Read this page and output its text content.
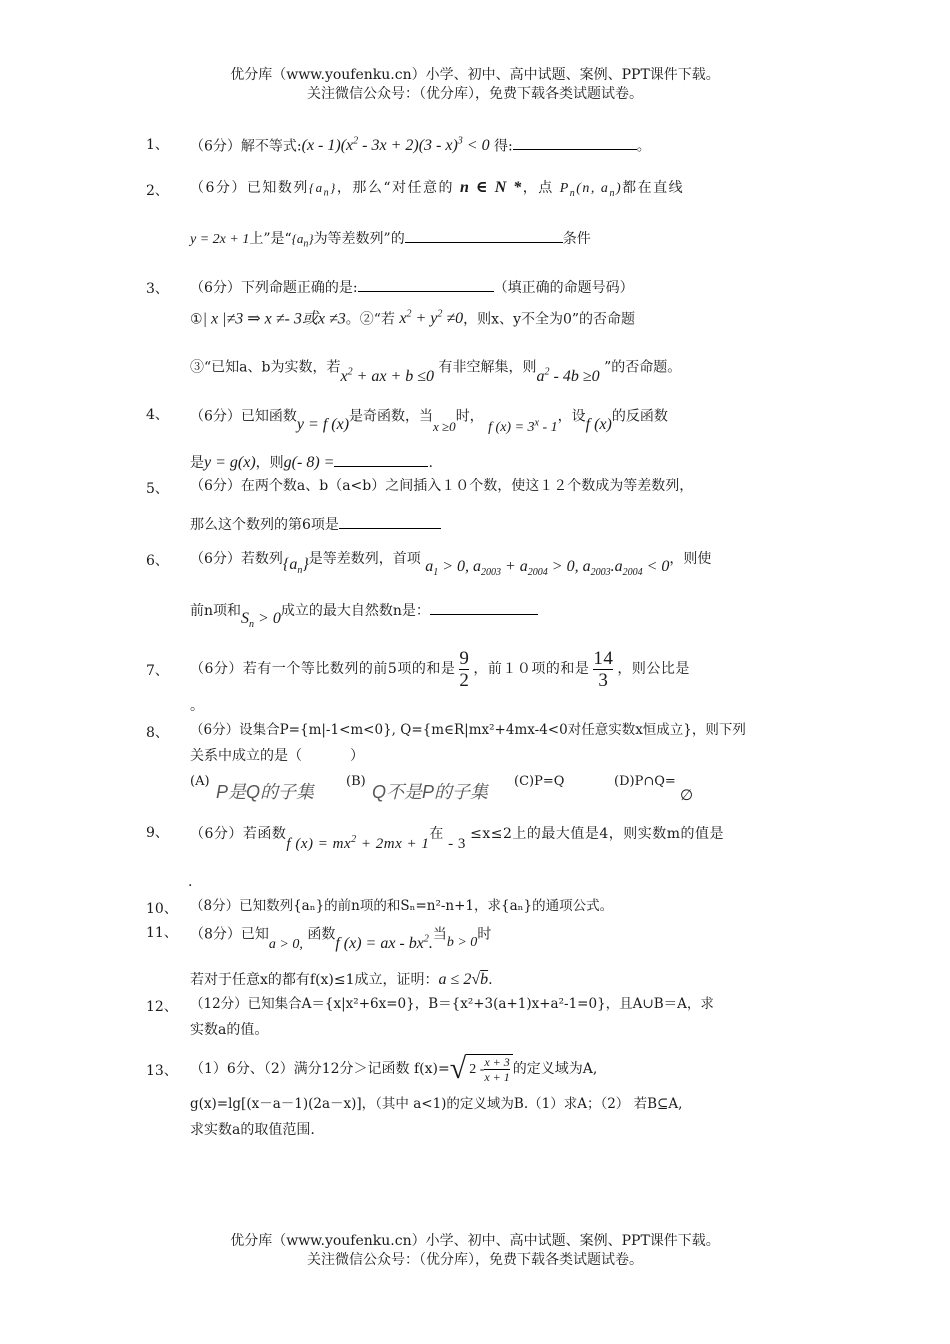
优分库（www.youfenku.cn）小学、初中、高中试题、案例、PPT课件下载。
关注微信公众号：（优分库），免费下载各类试题试卷。
1、 （6分）解不等式:(x - $1)(x^2 - 3x + 2)(3 - x)^3 < 0$ 得:	。
2、 （6分）已知数列$\{a_n\}$，那么“对任意的 n ∈ N *，点 $P_n(n$, $a_n$)都在直线
y = 2x + 1上”是“$\{a_n\}$为等差数列”的	条件
3、 （6分）下列命题正确的是:	（填正确的命题号码）
①| x |≠3 ⇒ x ≠- 3或x ≠3。②“若 $x^2 + y^2 \ne 0$，则x、y不全为0”的否命题
③“已知a、b为实数，若$x^2$ + ax + b ≤0 有非空解集，则$a^2 - 4b \ge 0$ ”的否命题。
4、 （6分）已知函数y = f (x)是奇函数，当x ≥0时， f $(x) = 3^x - 1$，设f (x)的反函数
是y = g(x)，则g(- 8) =	.
5、 （6分）在两个数a、b（a<b）之间插入１０个数，使这１２个数成为等差数列，
那么这个数列的第6项是
6、 （6分）若数列$\{a_n\}$是等差数列，首项 $a_1 > 0$, $a_{2003} + a_{2004} > 0$, $a_{2003}.a_{2004} < 0$，则使
前n项和$S_n > 0$成立的最大自然数n是：
7、 （6分）若有一个等比数列的前5项的和是 $\frac{9}{2}$ ，前１０项的和是 $\frac{14}{3}$ ，则公比是
。
8、 （6分）设集合P={m|-1<m<0}, Q={m∈R|mx²+4mx-4<0对任意实数x恒成立}，则下列
关系中成立的是（	）
(A)
P是Q的子集
(B)
Q不是P的子集
(C)P=Q	(D)P∩Q=
∅
9、 （6分）若函数f $(x) = mx^2 + 2mx + 1$在 - 3 ≤x≤2上的最大值是4，则实数m的值是
.
10、 （8分）已知数列{aₙ}的前n项的和Sₙ=n²-n+1，求{aₙ}的通项公式。
11、 （8分）已知a > 0, 函数f (x) = ax - $bx^2$.当b > 0时
若对于任意x的都有f(x)≤1成立，证明：a ≤ 2√b.
12、 （12分）已知集合A＝{x|x²+6x=0}，B＝{x²+3(a+1)x+a²-1=0}，且A∪B＝A，求
实数a的值。
13、 （1）6分、（2）满分12分＞记函数 f(x)= √ 2 - x + 3
x + 1 的定义域为A,
g(x)=lg[(x－a－1)(2a－x)]，（其中 a<1)的定义域为B.（1）求A；（2） 若B⊆A,
求实数a的取值范围.
优分库（www.youfenku.cn）小学、初中、高中试题、案例、PPT课件下载。
关注微信公众号：（优分库），免费下载各类试题试卷。
